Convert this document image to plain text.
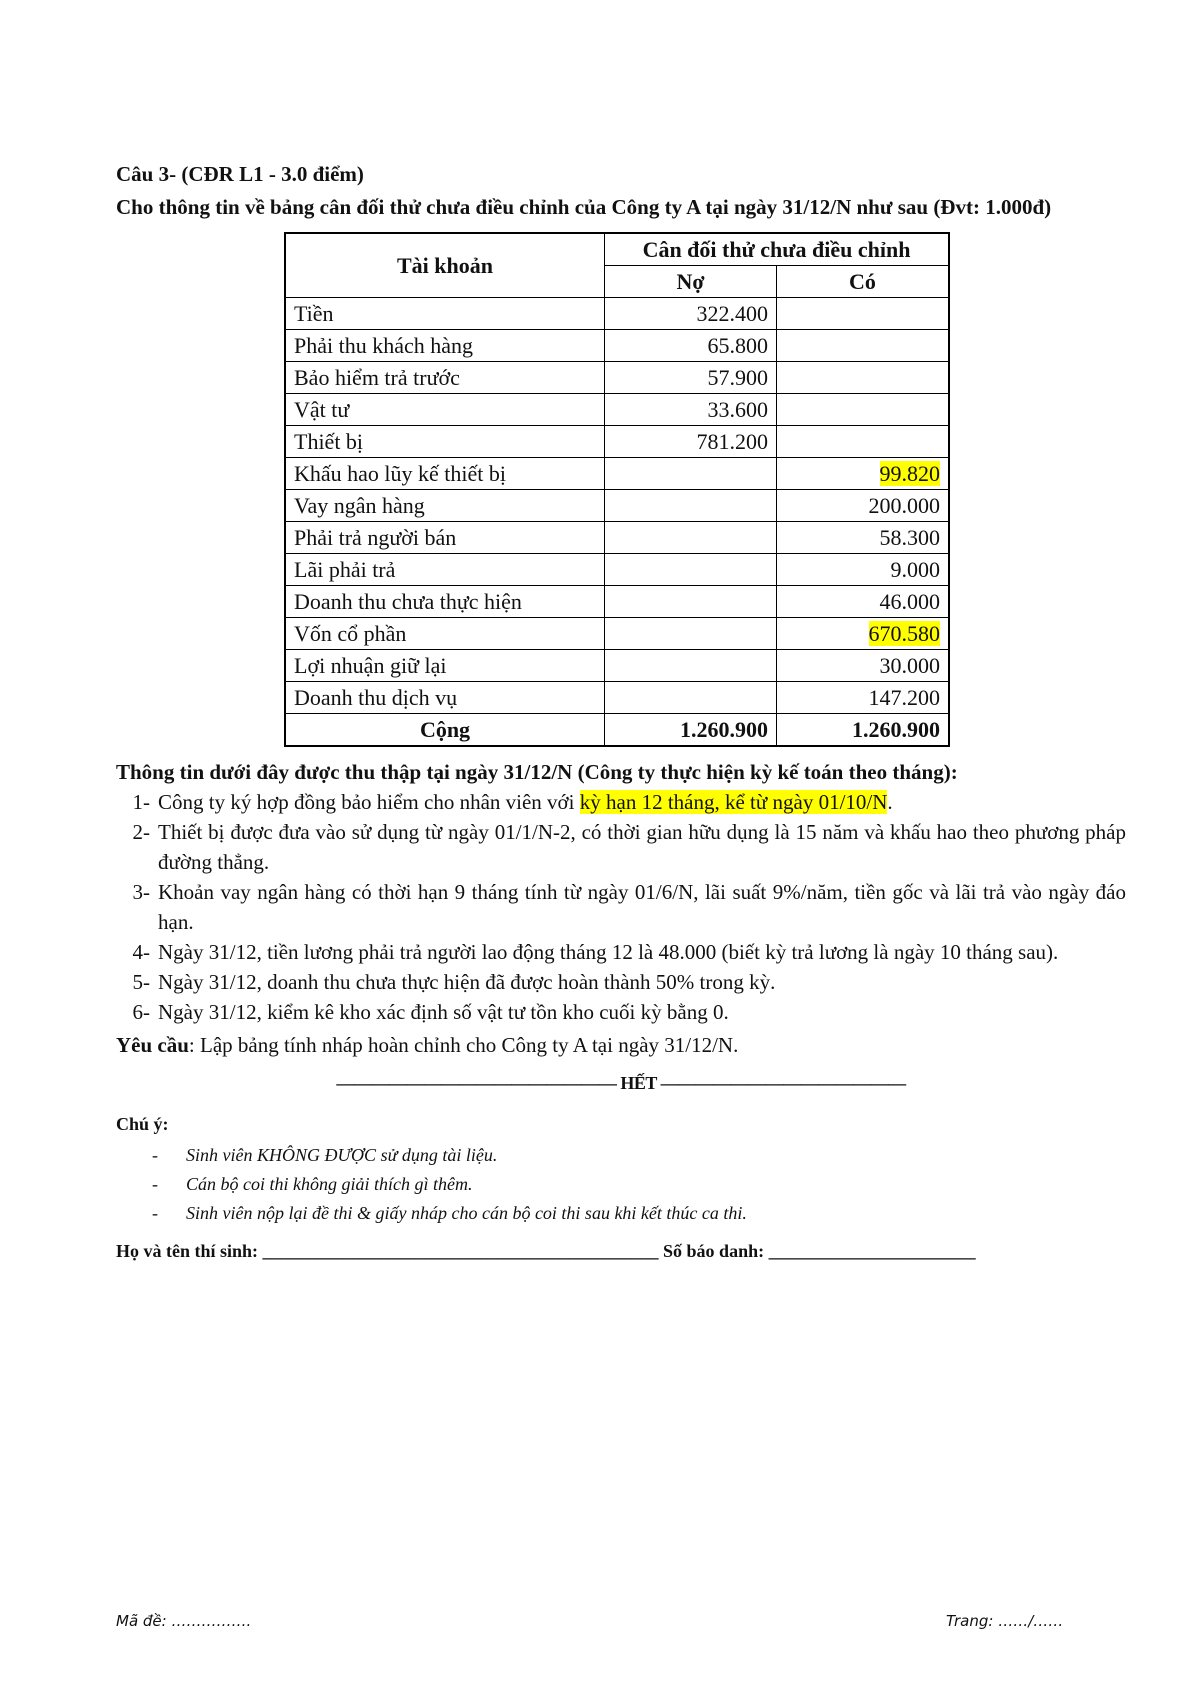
Câu 3- (CĐR L1 - 3.0 điểm)
Cho thông tin về bảng cân đối thử chưa điều chỉnh của Công ty A tại ngày 31/12/N như sau (Đvt: 1.000đ)
Tài khoản	Cân đối thử chưa điều chỉnh	
	Nợ	Có
Tiền	322.400	
Phải thu khách hàng	65.800	
Bảo hiểm trả trước	57.900	
Vật tư	33.600	
Thiết bị	781.200	
Khấu hao lũy kế thiết bị		99.820
Vay ngân hàng		200.000
Phải trả người bán		58.300
Lãi phải trả		9.000
Doanh thu chưa thực hiện		46.000
Vốn cổ phần		670.580
Lợi nhuận giữ lại		30.000
Doanh thu dịch vụ		147.200
Cộng	1.260.900	1.260.900
Thông tin dưới đây được thu thập tại ngày 31/12/N (Công ty thực hiện kỳ kế toán theo tháng):
1- Công ty ký hợp đồng bảo hiểm cho nhân viên với kỳ hạn 12 tháng, kể từ ngày 01/10/N.
2- Thiết bị được đưa vào sử dụng từ ngày 01/1/N-2, có thời gian hữu dụng là 15 năm và khấu hao theo phương pháp đường thẳng.
3- Khoản vay ngân hàng có thời hạn 9 tháng tính từ ngày 01/6/N, lãi suất 9%/năm, tiền gốc và lãi trả vào ngày đáo hạn.
4- Ngày 31/12, tiền lương phải trả người lao động tháng 12 là 48.000 (biết kỳ trả lương là ngày 10 tháng sau).
5- Ngày 31/12, doanh thu chưa thực hiện đã được hoàn thành 50% trong kỳ.
6- Ngày 31/12, kiểm kê kho xác định số vật tư tồn kho cuối kỳ bằng 0.
Yêu cầu: Lập bảng tính nháp hoàn chỉnh cho Công ty A tại ngày 31/12/N.
———————————————— HẾT ——————————————
Chú ý:
- Sinh viên KHÔNG ĐƯỢC sử dụng tài liệu.
- Cán bộ coi thi không giải thích gì thêm.
- Sinh viên nộp lại đề thi & giấy nháp cho cán bộ coi thi sau khi kết thúc ca thi.
Họ và tên thí sinh: ____________________________________________ Số báo danh: _______________________
Mã đề: …………….	Trang: ……/……
